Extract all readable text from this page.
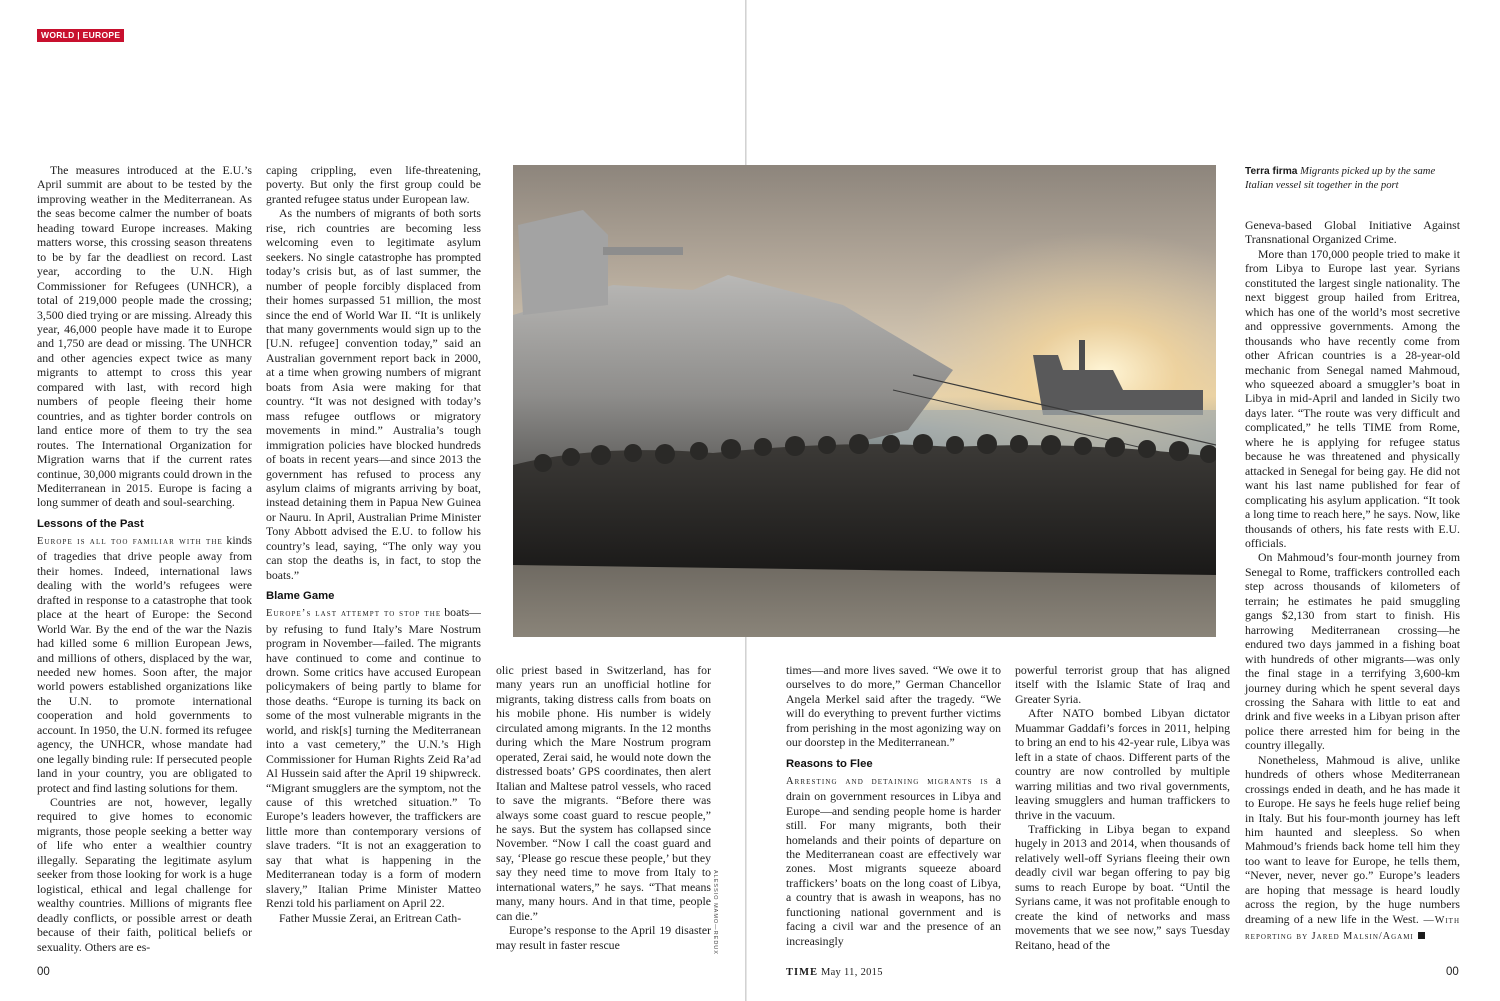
WORLD | EUROPE

The measures introduced at the E.U.’s April summit are about to be tested by the improving weather in the Mediterranean. As the seas become calmer the number of boats heading toward Europe increases. Making matters worse, this crossing season threatens to be by far the deadliest on record. Last year, according to the U.N. High Commissioner for Refugees (UNHCR), a total of 219,000 people made the crossing; 3,500 died trying or are missing. Already this year, 46,000 people have made it to Europe and 1,750 are dead or missing. The UNHCR and other agencies expect twice as many migrants to attempt to cross this year compared with last, with record high numbers of people fleeing their home countries, and as tighter border controls on land entice more of them to try the sea routes. The International Organization for Migration warns that if the current rates continue, 30,000 migrants could drown in the Mediterranean in 2015. Europe is facing a long summer of death and soul-searching.

Lessons of the Past

Europe is all too familiar with the kinds of tragedies that drive people away from their homes. Indeed, international laws dealing with the world’s refugees were drafted in response to a catastrophe that took place at the heart of Europe: the Second World War. By the end of the war the Nazis had killed some 6 million European Jews, and millions of others, displaced by the war, needed new homes. Soon after, the major world powers established organizations like the U.N. to promote international cooperation and hold governments to account. In 1950, the U.N. formed its refugee agency, the UNHCR, whose mandate had one legally binding rule: If persecuted people land in your country, you are obligated to protect and find lasting solutions for them.

Countries are not, however, legally required to give homes to economic migrants, those people seeking a better way of life who enter a wealthier country illegally. Separating the legitimate asylum seeker from those looking for work is a huge logistical, ethical and legal challenge for wealthy countries. Millions of migrants flee deadly conflicts, or possible arrest or death because of their faith, political beliefs or sexuality. Others are es-

caping crippling, even life-threatening, poverty. But only the first group could be granted refugee status under European law.

As the numbers of migrants of both sorts rise, rich countries are becoming less welcoming even to legitimate asylum seekers. No single catastrophe has prompted today’s crisis but, as of last summer, the number of people forcibly displaced from their homes surpassed 51 million, the most since the end of World War II. “It is unlikely that many governments would sign up to the [U.N. refugee] convention today,” said an Australian government report back in 2000, at a time when growing numbers of migrant boats from Asia were making for that country. “It was not designed with today’s mass refugee outflows or migratory movements in mind.” Australia’s tough immigration policies have blocked hundreds of boats in recent years—and since 2013 the government has refused to process any asylum claims of migrants arriving by boat, instead detaining them in Papua New Guinea or Nauru. In April, Australian Prime Minister Tony Abbott advised the E.U. to follow his country’s lead, saying, “The only way you can stop the deaths is, in fact, to stop the boats.”

Blame Game

Europe’s last attempt to stop the boats—by refusing to fund Italy’s Mare Nostrum program in November—failed. The migrants have continued to come and continue to drown. Some critics have accused European policymakers of being partly to blame for those deaths. “Europe is turning its back on some of the most vulnerable migrants in the world, and risk[s] turning the Mediterranean into a vast cemetery,” the U.N.’s High Commissioner for Human Rights Zeid Ra’ad Al Hussein said after the April 19 shipwreck. “Migrant smugglers are the symptom, not the cause of this wretched situation.” To Europe’s leaders however, the traffickers are little more than contemporary versions of slave traders. “It is not an exaggeration to say that what is happening in the Mediterranean today is a form of modern slavery,” Italian Prime Minister Matteo Renzi told his parliament on April 22.

Father Mussie Zerai, an Eritrean Cath-	ALESSIO MAMO—REDUX

olic priest based in Switzerland, has for many years run an unofficial hotline for migrants, taking distress calls from boats on his mobile phone. His number is widely circulated among migrants. In the 12 months during which the Mare Nostrum program operated, Zerai said, he would note down the distressed boats’ GPS coordinates, then alert Italian and Maltese patrol vessels, who raced to save the migrants. “Before there was always some coast guard to rescue people,” he says. But the system has collapsed since November. “Now I call the coast guard and say, ‘Please go rescue these people,’ but they say they need time to move from Italy to international waters,” he says. “That means many, many hours. And in that time, people can die.”

Europe’s response to the April 19 disaster may result in faster rescue

times—and more lives saved. “We owe it to ourselves to do more,” German Chancellor Angela Merkel said after the tragedy. “We will do everything to prevent further victims from perishing in the most agonizing way on our doorstep in the Mediterranean.”

Reasons to Flee

Arresting and detaining migrants is a drain on government resources in Libya and Europe—and sending people home is harder still. For many migrants, both their homelands and their points of departure on the Mediterranean coast are effectively war zones. Most migrants squeeze aboard traffickers’ boats on the long coast of Libya, a country that is awash in weapons, has no functioning national government and is facing a civil war and the presence of an increasingly

powerful terrorist group that has aligned itself with the Islamic State of Iraq and Greater Syria.

After NATO bombed Libyan dictator Muammar Gaddafi’s forces in 2011, helping to bring an end to his 42-year rule, Libya was left in a state of chaos. Different parts of the country are now controlled by multiple warring militias and two rival governments, leaving smugglers and human traffickers to thrive in the vacuum.

Trafficking in Libya began to expand hugely in 2013 and 2014, when thousands of relatively well-off Syrians fleeing their own deadly civil war began offering to pay big sums to reach Europe by boat. “Until the Syrians came, it was not profitable enough to create the kind of networks and mass movements that we see now,” says Tuesday Reitano, head of the

Terra firma Migrants picked up by the same Italian vessel sit together in the port

Geneva-based Global Initiative Against Transnational Organized Crime.

More than 170,000 people tried to make it from Libya to Europe last year. Syrians constituted the largest single nationality. The next biggest group hailed from Eritrea, which has one of the world’s most secretive and oppressive governments. Among the thousands who have recently come from other African countries is a 28-year-old mechanic from Senegal named Mahmoud, who squeezed aboard a smuggler’s boat in Libya in mid-April and landed in Sicily two days later. “The route was very difficult and complicated,” he tells TIME from Rome, where he is applying for refugee status because he was threatened and physically attacked in Senegal for being gay. He did not want his last name published for fear of complicating his asylum application. “It took a long time to reach here,” he says. Now, like thousands of others, his fate rests with E.U. officials.

On Mahmoud’s four-month journey from Senegal to Rome, traffickers controlled each step across thousands of kilometers of terrain; he estimates he paid smuggling gangs $2,130 from start to finish. His harrowing Mediterranean crossing—he endured two days jammed in a fishing boat with hundreds of other migrants—was only the final stage in a terrifying 3,600-km journey during which he spent several days crossing the Sahara with little to eat and drink and five weeks in a Libyan prison after police there arrested him for being in the country illegally.

Nonetheless, Mahmoud is alive, unlike hundreds of others whose Mediterranean crossings ended in death, and he has made it to Europe. He says he feels huge relief being in Italy. But his four-month journey has left him haunted and sleepless. So when Mahmoud’s friends back home tell him they too want to leave for Europe, he tells them, “Never, never, never go.” Europe’s leaders are hoping that message is heard loudly across the region, by the huge numbers dreaming of a new life in the West. —With reporting by Jared Malsin/Agami

00	TIME May 11, 2015	00
